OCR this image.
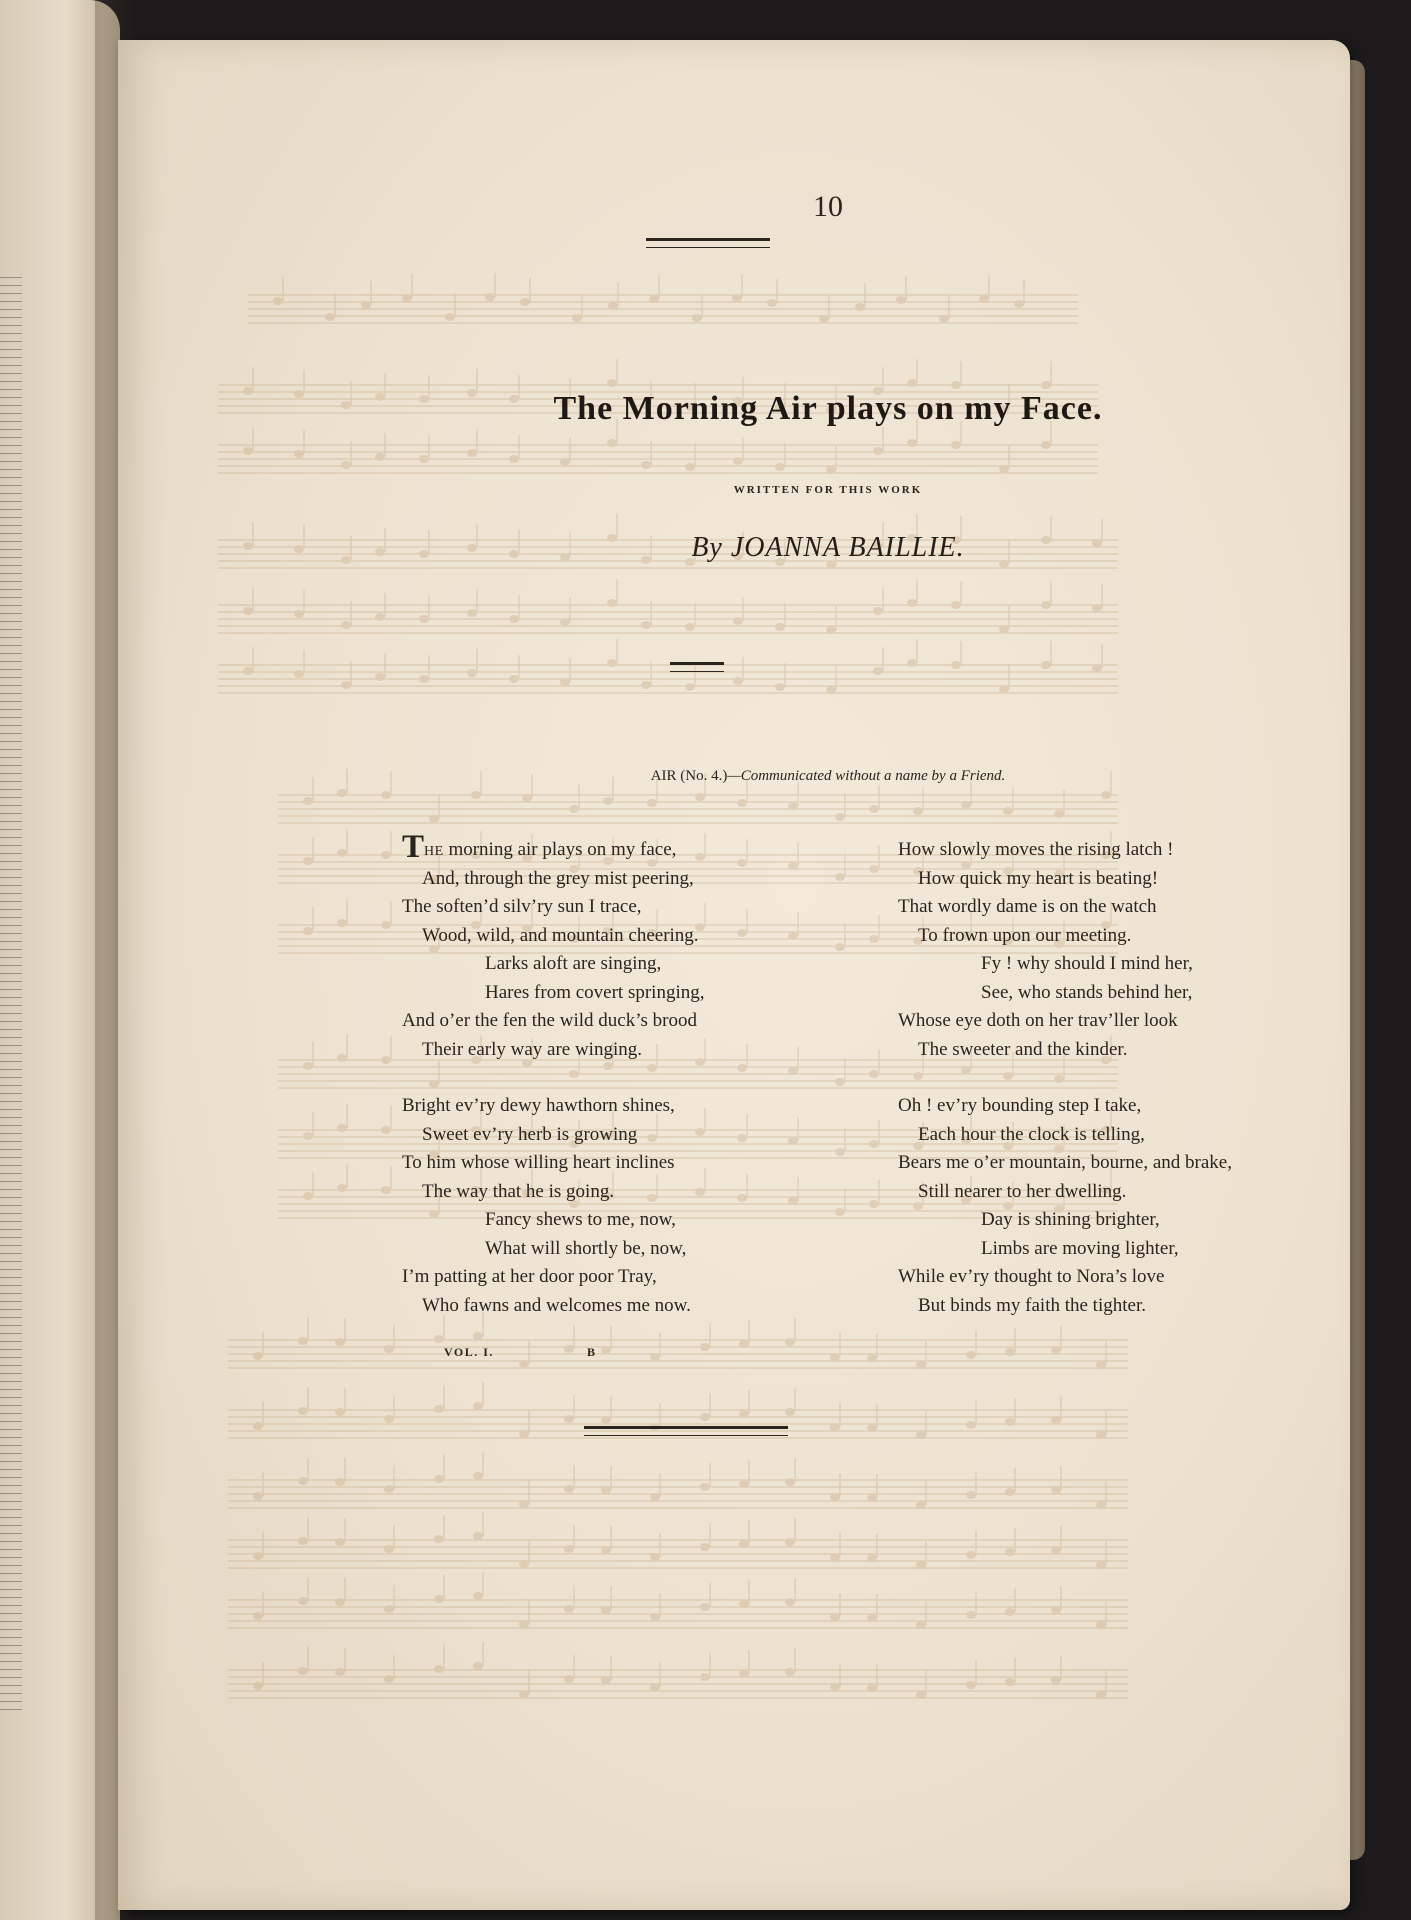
10
The Morning Air plays on my Face.
WRITTEN FOR THIS WORK
By JOANNA BAILLIE.
AIR (No. 4.)—Communicated without a name by a Friend.
THE morning air plays on my face,
And, through the grey mist peering,
The soften’d silv’ry sun I trace,
Wood, wild, and mountain cheering.
Larks aloft are singing,
Hares from covert springing,
And o’er the fen the wild duck’s brood
Their early way are winging.
Bright ev’ry dewy hawthorn shines,
Sweet ev’ry herb is growing
To him whose willing heart inclines
The way that he is going.
Fancy shews to me, now,
What will shortly be, now,
I’m patting at her door poor Tray,
Who fawns and welcomes me now.
How slowly moves the rising latch !
How quick my heart is beating!
That wordly dame is on the watch
To frown upon our meeting.
Fy ! why should I mind her,
See, who stands behind her,
Whose eye doth on her trav’ller look
The sweeter and the kinder.
Oh ! ev’ry bounding step I take,
Each hour the clock is telling,
Bears me o’er mountain, bourne, and brake,
Still nearer to her dwelling.
Day is shining brighter,
Limbs are moving lighter,
While ev’ry thought to Nora’s love
But binds my faith the tighter.
VOL. I.	B
